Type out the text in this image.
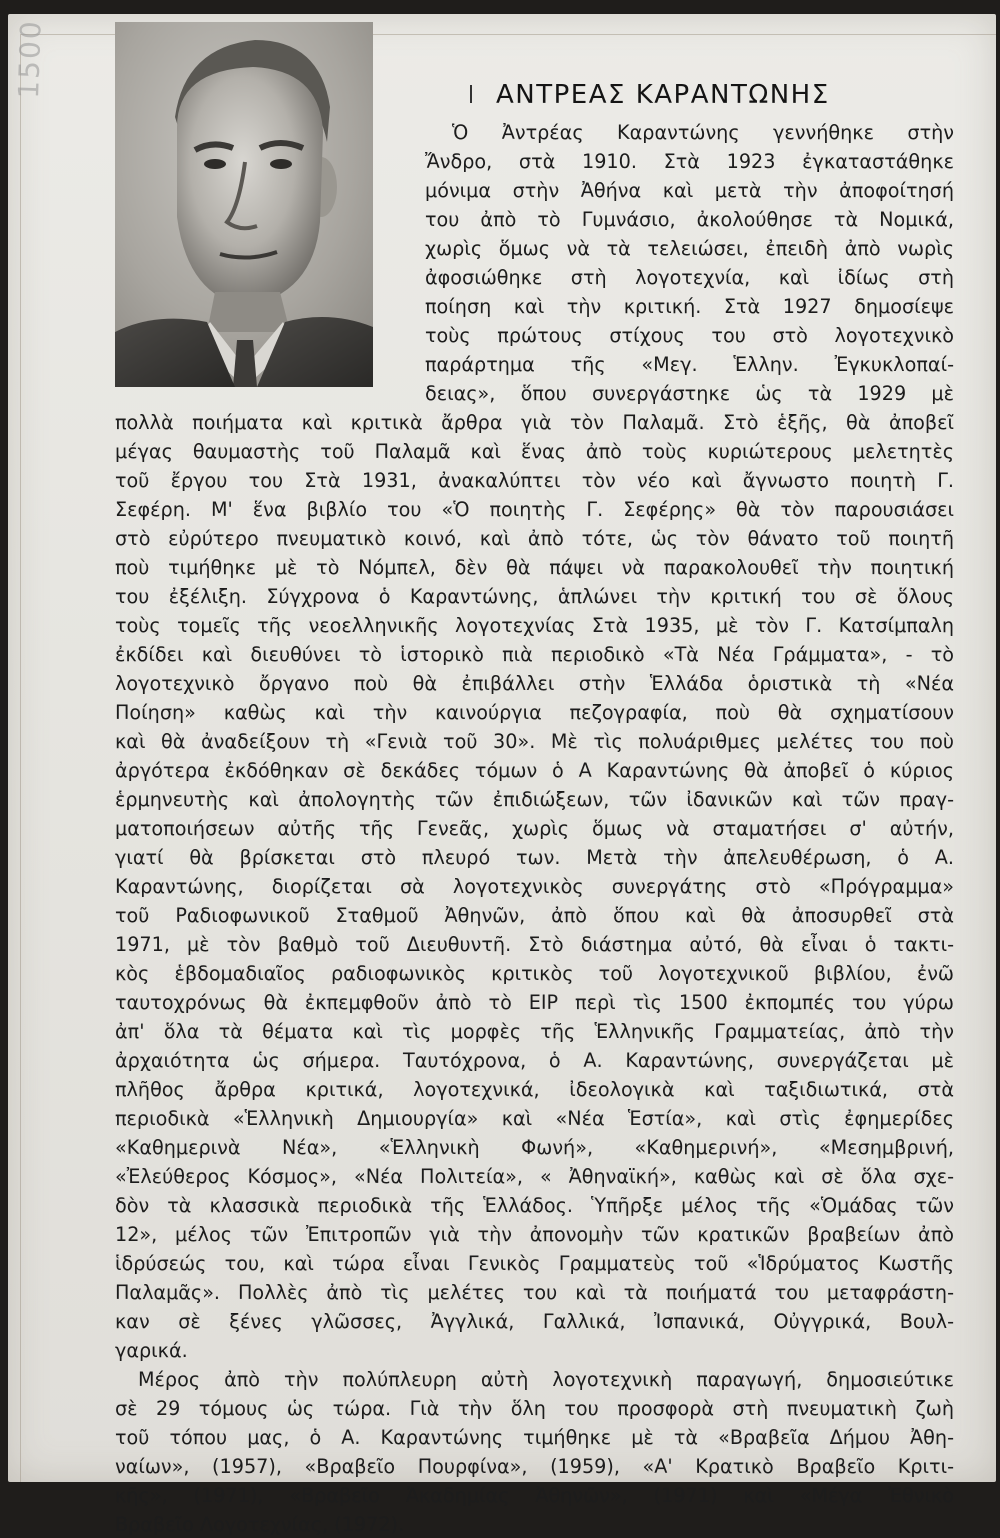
1500	ΑΝΤΡΕΑΣ ΚΑΡΑΝΤΩΝΗΣ
Ὁ Ἀντρέας Καραντώνης γεννήθηκε στὴν
Ἄνδρο, στὰ 1910. Στὰ 1923 ἐγκαταστάθηκε
μόνιμα στὴν Ἀθήνα καὶ μετὰ τὴν ἀποφοίτησή
του ἀπὸ τὸ Γυμνάσιο, ἀκολούθησε τὰ Νομικά,
χωρὶς ὅμως νὰ τὰ τελειώσει, ἐπειδὴ ἀπὸ νωρὶς
ἀφοσιώθηκε στὴ λογοτεχνία, καὶ ἰδίως στὴ
ποίηση καὶ τὴν κριτική. Στὰ 1927 δημοσίεψε
τοὺς πρώτους στίχους του στὸ λογοτεχνικὸ
παράρτημα τῆς «Μεγ. Ἑλλην. Ἐγκυκλοπαί-
δειας», ὅπου συνεργάστηκε ὡς τὰ 1929 μὲ
πολλὰ ποιήματα καὶ κριτικὰ ἄρθρα γιὰ τὸν Παλαμᾶ. Στὸ ἑξῆς, θὰ ἀποβεῖ
μέγας θαυμαστὴς τοῦ Παλαμᾶ καὶ ἕνας ἀπὸ τοὺς κυριώτερους μελετητὲς
τοῦ ἔργου του Στὰ 1931, ἀνακαλύπτει τὸν νέο καὶ ἄγνωστο ποιητὴ Γ.
Σεφέρη. Μ' ἕνα βιβλίο του «Ὁ ποιητὴς Γ. Σεφέρης» θὰ τὸν παρουσιάσει
στὸ εὐρύτερο πνευματικὸ κοινό, καὶ ἀπὸ τότε, ὡς τὸν θάνατο τοῦ ποιητῆ
ποὺ τιμήθηκε μὲ τὸ Νόμπελ, δὲν θὰ πάψει νὰ παρακολουθεῖ τὴν ποιητική
του ἐξέλιξη. Σύγχρονα ὁ Καραντώνης, ἁπλώνει τὴν κριτική του σὲ ὅλους
τοὺς τομεῖς τῆς νεοελληνικῆς λογοτεχνίας Στὰ 1935, μὲ τὸν Γ. Κατσίμπαλη
ἐκδίδει καὶ διευθύνει τὸ ἱστορικὸ πιὰ περιοδικὸ «Τὰ Νέα Γράμματα», - τὸ
λογοτεχνικὸ ὄργανο ποὺ θὰ ἐπιβάλλει στὴν Ἑλλάδα ὁριστικὰ τὴ «Νέα
Ποίηση» καθὼς καὶ τὴν καινούργια πεζογραφία, ποὺ θὰ σχηματίσουν
καὶ θὰ ἀναδείξουν τὴ «Γενιὰ τοῦ 30». Μὲ τὶς πολυάριθμες μελέτες του ποὺ
ἀργότερα ἐκδόθηκαν σὲ δεκάδες τόμων ὁ Α Καραντώνης θὰ ἀποβεῖ ὁ κύριος
ἑρμηνευτὴς καὶ ἀπολογητὴς τῶν ἐπιδιώξεων, τῶν ἰδανικῶν καὶ τῶν πραγ-
ματοποιήσεων αὐτῆς τῆς Γενεᾶς, χωρὶς ὅμως νὰ σταματήσει σ' αὐτήν,
γιατί θὰ βρίσκεται στὸ πλευρό των. Μετὰ τὴν ἀπελευθέρωση, ὁ Α.
Καραντώνης, διορίζεται σὰ λογοτεχνικὸς συνεργάτης στὸ «Πρόγραμμα»
τοῦ Ραδιοφωνικοῦ Σταθμοῦ Ἀθηνῶν, ἀπὸ ὅπου καὶ θὰ ἀποσυρθεῖ στὰ
1971, μὲ τὸν βαθμὸ τοῦ Διευθυντῆ. Στὸ διάστημα αὐτό, θὰ εἶναι ὁ τακτι-
κὸς ἑβδομαδιαῖος ραδιοφωνικὸς κριτικὸς τοῦ λογοτεχνικοῦ βιβλίου, ἐνῶ
ταυτοχρόνως θὰ ἐκπεμφθοῦν ἀπὸ τὸ ΕΙΡ περὶ τὶς 1500 ἐκπομπές του γύρω
ἀπ' ὅλα τὰ θέματα καὶ τὶς μορφὲς τῆς Ἑλληνικῆς Γραμματείας, ἀπὸ τὴν
ἀρχαιότητα ὡς σήμερα. Ταυτόχρονα, ὁ Α. Καραντώνης, συνεργάζεται μὲ
πλῆθος ἄρθρα κριτικά, λογοτεχνικά, ἰδεολογικὰ καὶ ταξιδιωτικά, στὰ
περιοδικὰ «Ἑλληνικὴ Δημιουργία» καὶ «Νέα Ἑστία», καὶ στὶς ἐφημερίδες
«Καθημερινὰ Νέα», «Ἑλληνικὴ Φωνή», «Καθημερινή», «Μεσημβρινή,
«Ἐλεύθερος Κόσμος», «Νέα Πολιτεία», « Ἀθηναϊκή», καθὼς καὶ σὲ ὅλα σχε-
δὸν τὰ κλασσικὰ περιοδικὰ τῆς Ἑλλάδος. Ὑπῆρξε μέλος τῆς «Ὁμάδας τῶν
12», μέλος τῶν Ἐπιτροπῶν γιὰ τὴν ἀπονομὴν τῶν κρατικῶν βραβείων ἀπὸ
ἱδρύσεώς του, καὶ τώρα εἶναι Γενικὸς Γραμματεὺς τοῦ «Ἱδρύματος Κωστῆς
Παλαμᾶς». Πολλὲς ἀπὸ τὶς μελέτες του καὶ τὰ ποιήματά του μεταφράστη-
καν σὲ ξένες γλῶσσες, Ἀγγλικά, Γαλλικά, Ἰσπανικά, Οὐγγρικά, Βουλ-
γαρικά.
Μέρος ἀπὸ τὴν πολύπλευρη αὐτὴ λογοτεχνικὴ παραγωγή, δημοσιεύτικε
σὲ 29 τόμους ὡς τώρα. Γιὰ τὴν ὅλη του προσφορὰ στὴ πνευματικὴ ζωὴ
τοῦ τόπου μας, ὁ Α. Καραντώνης τιμήθηκε μὲ τὰ «Βραβεῖα Δήμου Ἀθη-
ναίων», (1957), «Βραβεῖο Πουρφίνα», (1959), «Α' Κρατικὸ Βραβεῖο Κριτι-
κῆς», (1971), «Βραβεῖο Ἀκαδημίας Ἀθηνῶν», (1971) καὶ «Μέγα Ἐθνικὸ
Βραβεῖο Λογοτεχνίας, (1972).
